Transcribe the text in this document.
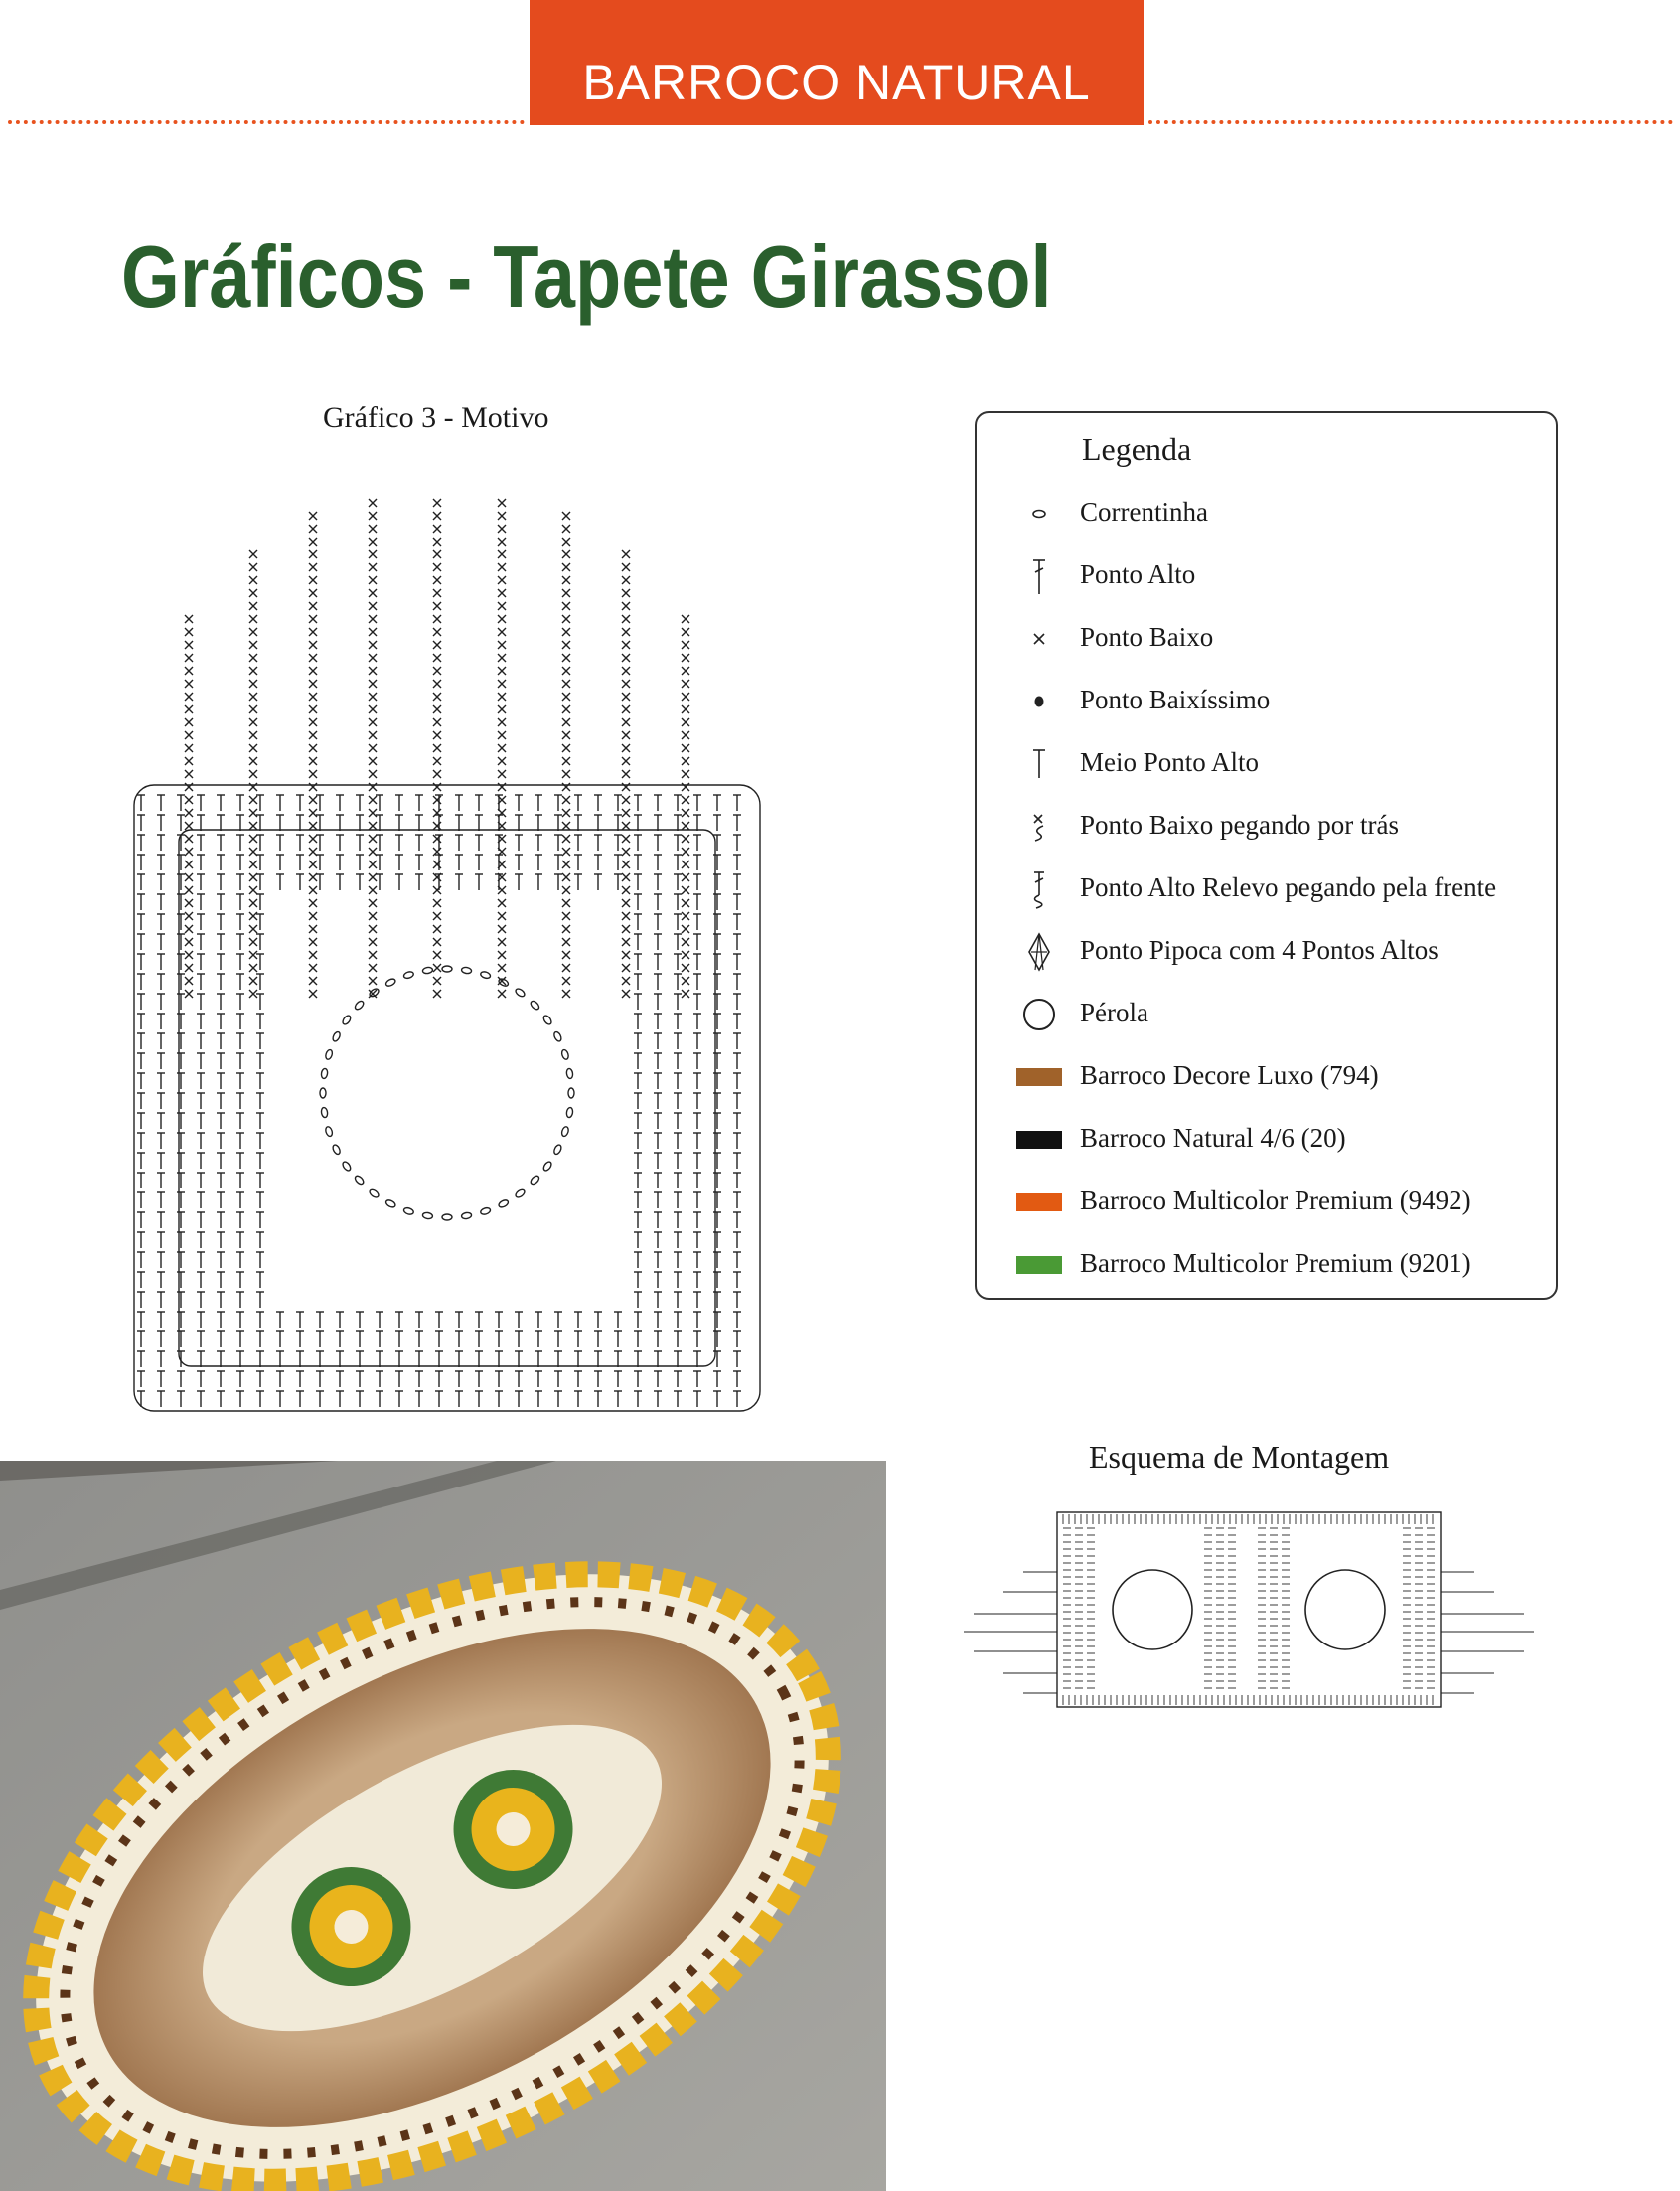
BARROCO NATURAL
Gráficos - Tapete Girassol
Gráfico 3 - Motivo
Legenda
Correntinha
Ponto Alto
Ponto Baixo
Ponto Baixíssimo
Meio Ponto Alto
Ponto Baixo pegando por trás
Ponto Alto Relevo pegando pela frente
Ponto Pipoca com 4 Pontos Altos
Pérola
Barroco Decore Luxo (794)
Barroco Natural 4/6 (20)
Barroco Multicolor Premium (9492)
Barroco Multicolor Premium (9201)
Esquema de Montagem
